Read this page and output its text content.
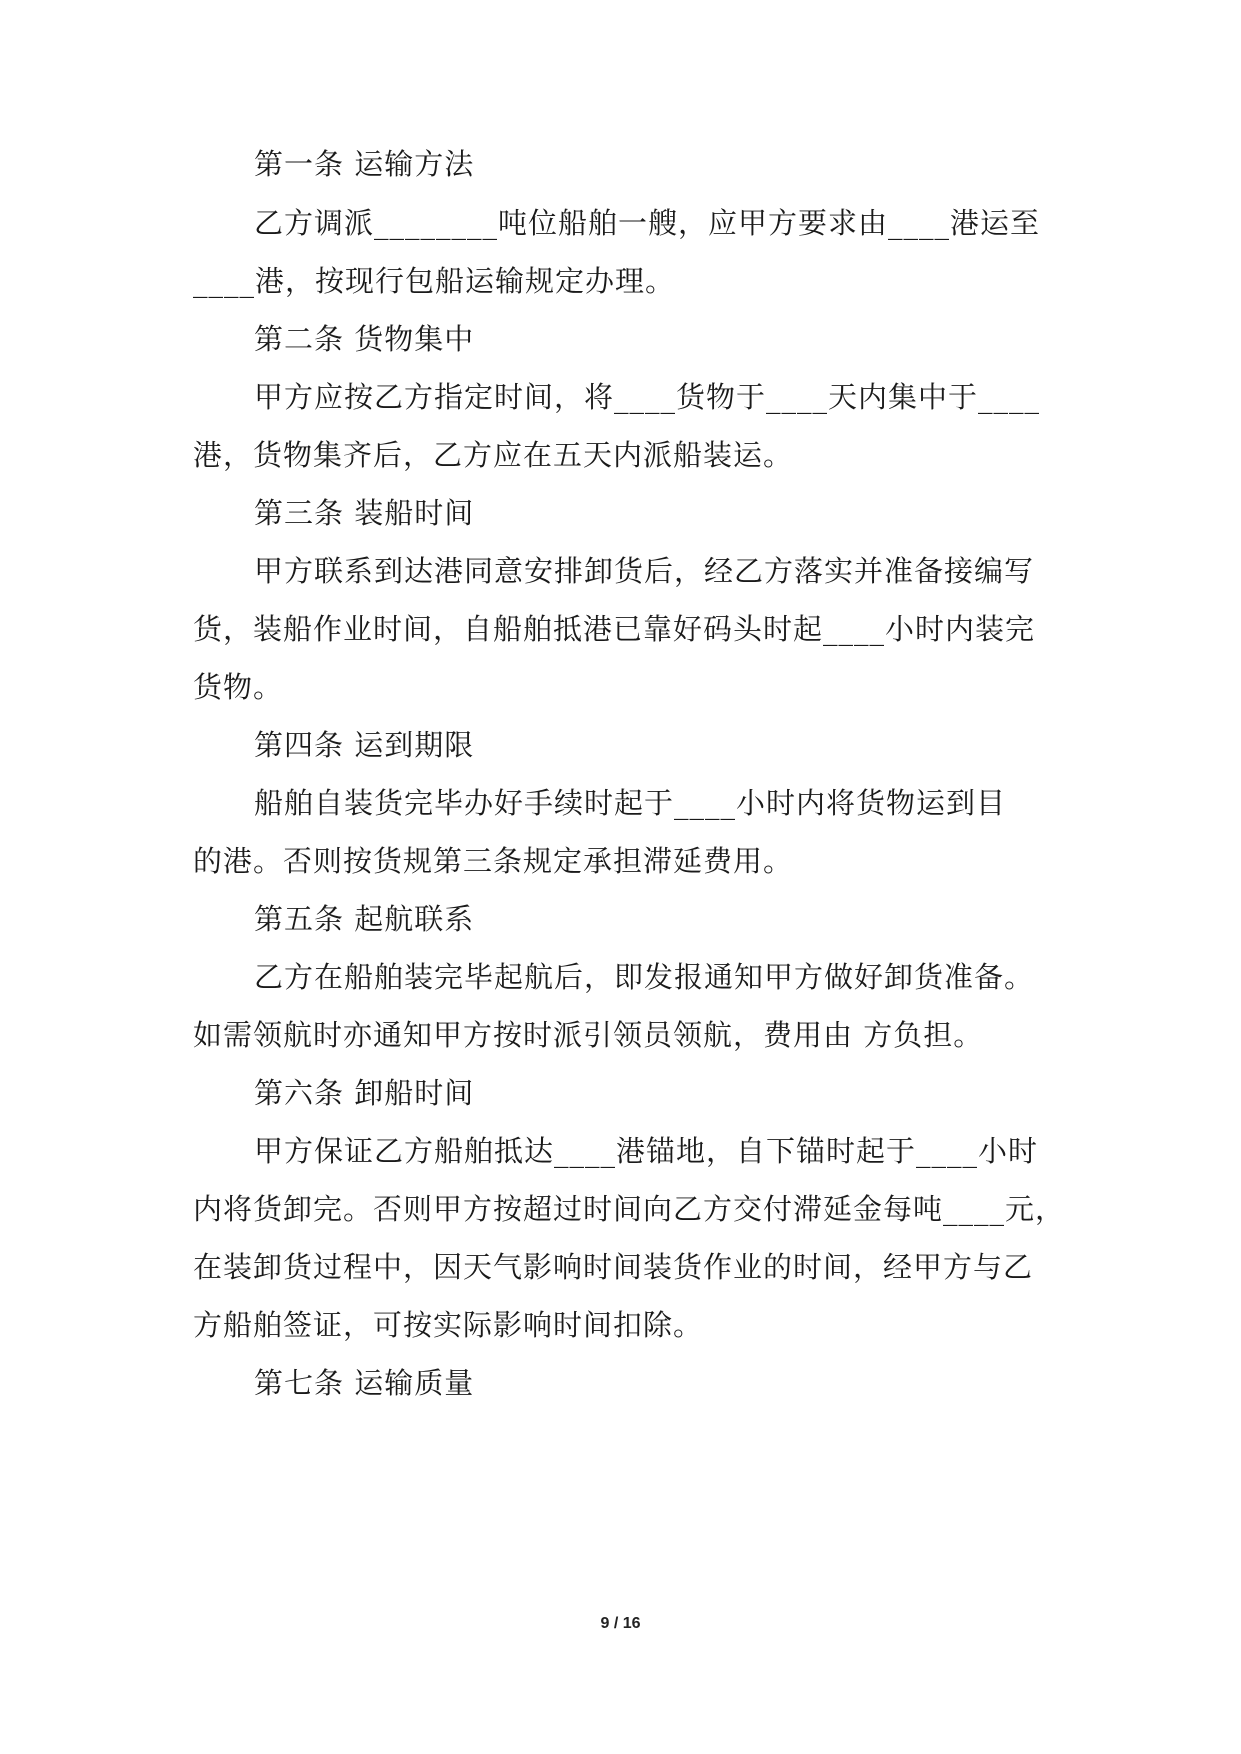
第一条 运输方法
乙方调派________吨位船舶一艘，应甲方要求由____港运至
____港，按现行包船运输规定办理。
第二条 货物集中
甲方应按乙方指定时间，将____货物于____天内集中于____
港，货物集齐后，乙方应在五天内派船装运。
第三条 装船时间
甲方联系到达港同意安排卸货后，经乙方落实并准备接编写
货，装船作业时间，自船舶抵港已靠好码头时起____小时内装完
货物。
第四条 运到期限
船舶自装货完毕办好手续时起于____小时内将货物运到目
的港。否则按货规第三条规定承担滞延费用。
第五条 起航联系
乙方在船舶装完毕起航后，即发报通知甲方做好卸货准备。
如需领航时亦通知甲方按时派引领员领航，费用由 方负担。
第六条 卸船时间
甲方保证乙方船舶抵达____港锚地，自下锚时起于____小时
内将货卸完。否则甲方按超过时间向乙方交付滞延金每吨____元，
在装卸货过程中，因天气影响时间装货作业的时间，经甲方与乙
方船舶签证，可按实际影响时间扣除。
第七条 运输质量
9 / 16
